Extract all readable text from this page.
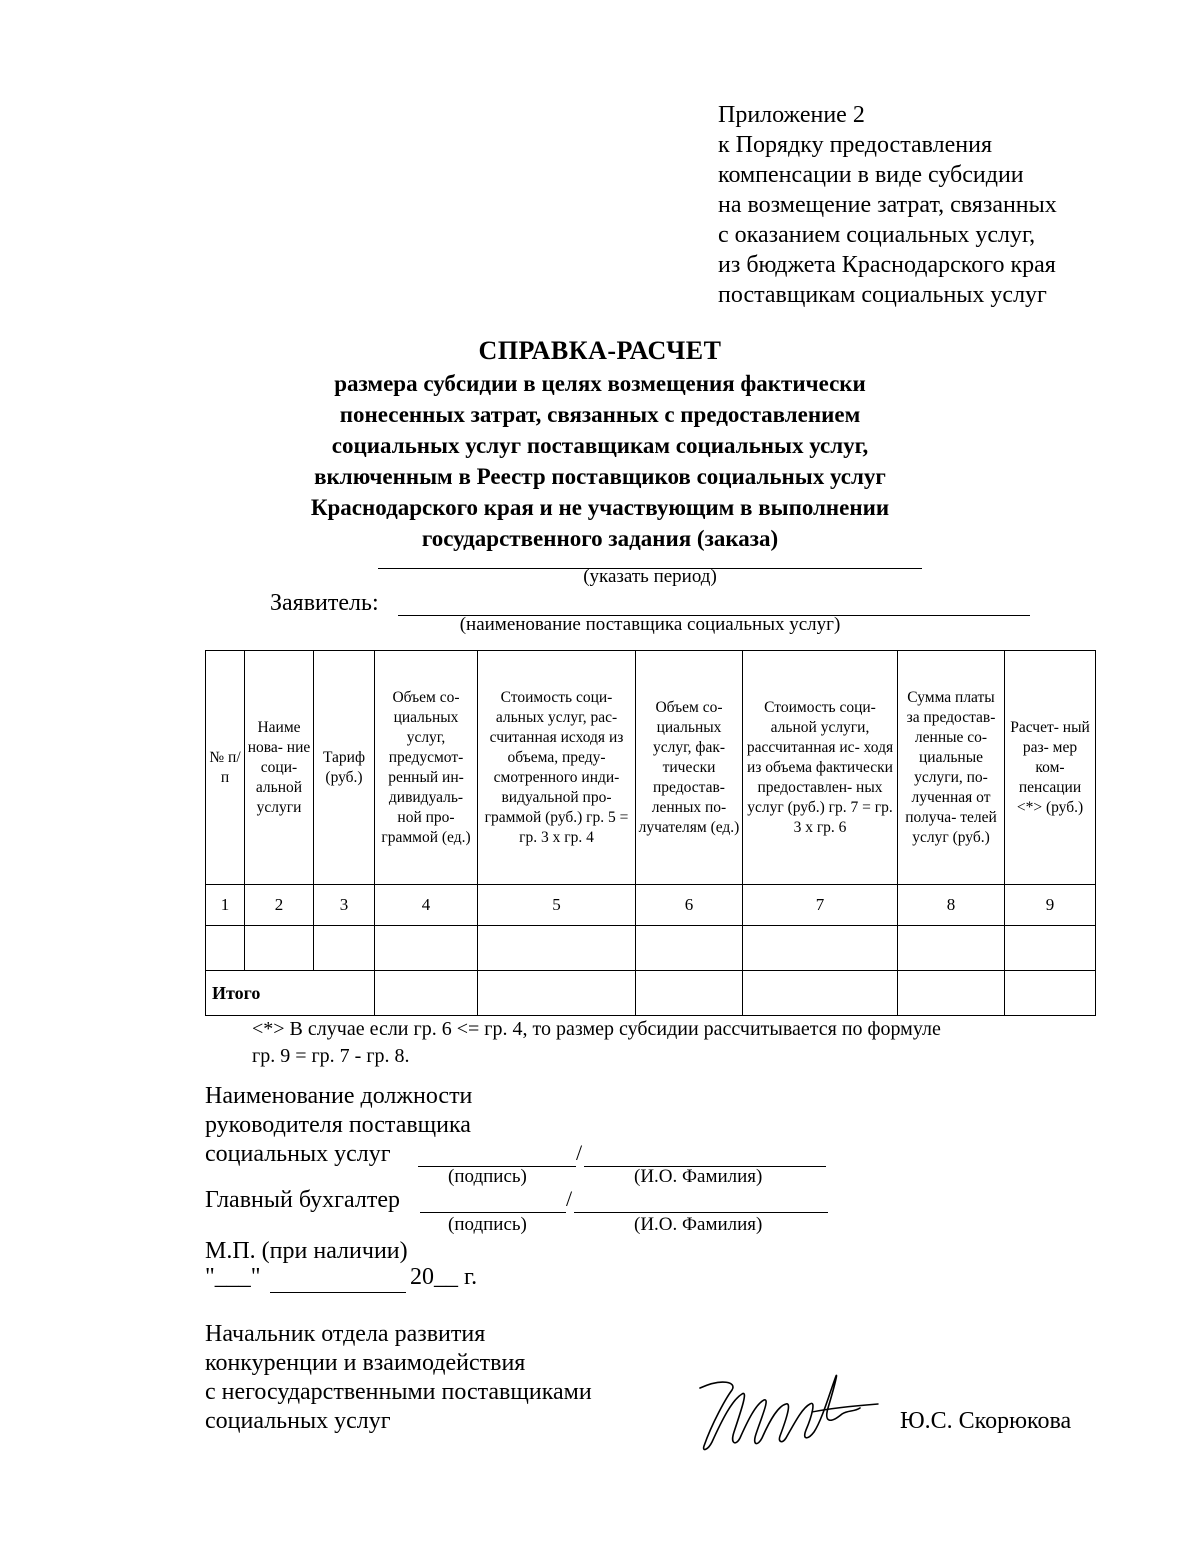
Приложение 2
к Порядку предоставления
компенсации в виде субсидии
на возмещение затрат, связанных
с оказанием социальных услуг,
из бюджета Краснодарского края
поставщикам социальных услуг
СПРАВКА-РАСЧЕТ
размера субсидии в целях возмещения фактически
понесенных затрат, связанных с предоставлением
социальных услуг поставщикам социальных услуг,
включенным в Реестр поставщиков социальных услуг
Краснодарского края и не участвующим в выполнении
государственного задания (заказа)
(указать период)
Заявитель:
(наименование поставщика социальных услуг)
№ п/п	Наиме нова- ние соци- альной услуги	Тариф (руб.)	Объем со- циальных услуг, предусмот- ренный ин- дивидуаль- ной про- граммой (ед.)	Стоимость соци- альных услуг, рас- считанная исходя из объема, преду- смотренного инди- видуальной про- граммой (руб.) гр. 5 = гр. 3 х гр. 4	Объем со- циальных услуг, фак- тически предостав- ленных по- лучателям (ед.)	Стоимость соци- альной услуги, рассчитанная ис- ходя из объема фактически предоставлен- ных услуг (руб.) гр. 7 = гр. 3 х гр. 6	Сумма платы за предостав- ленные со- циальные услуги, по- лученная от получа- телей услуг (руб.)	Расчет- ный раз- мер ком- пенсации <*> (руб.)
1	2	3	4	5	6	7	8	9

Итого								
<*> В случае если гр. 6 <= гр. 4, то размер субсидии рассчитывается по формуле
гр. 9 = гр. 7 - гр. 8.
Наименование должности
руководителя поставщика
социальных услуг	/
(подпись)	(И.О. Фамилия)
Главный бухгалтер	/
(подпись)	(И.О. Фамилия)
М.П. (при наличии)
"___"	20__ г.
Начальник отдела развития
конкуренции и взаимодействия
с негосударственными поставщиками
социальных услуг	Ю.С. Скорюкова
